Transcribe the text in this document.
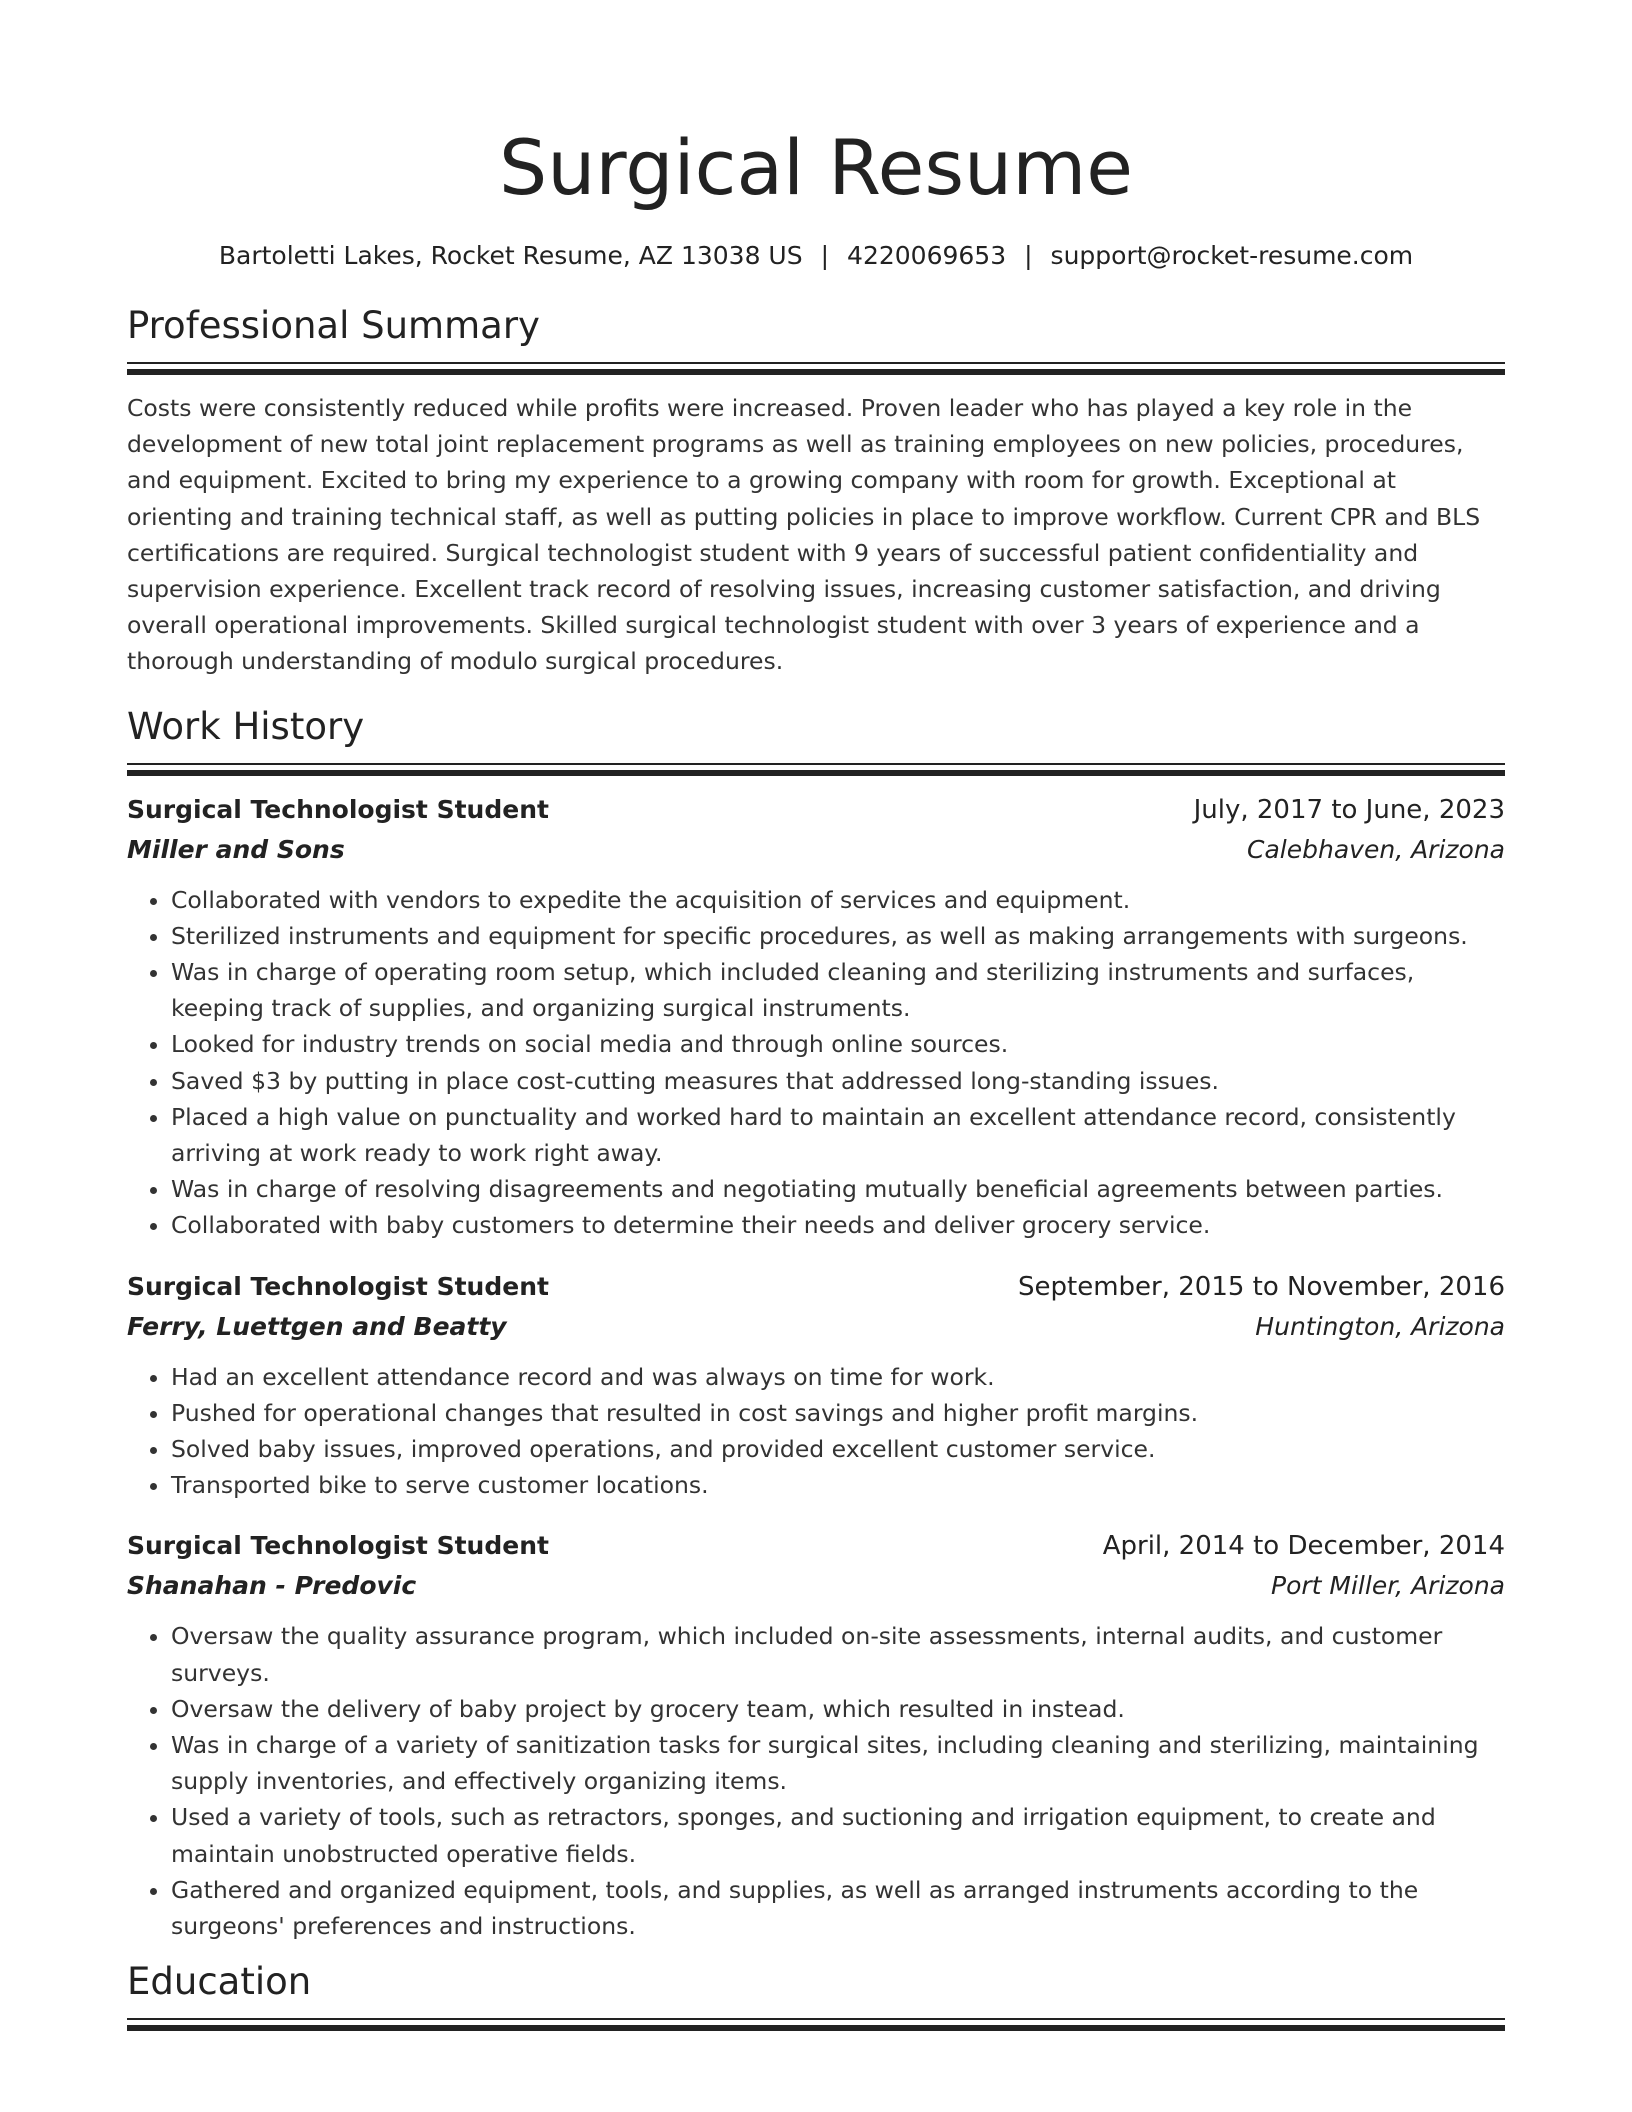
Surgical Resume
Bartoletti Lakes, Rocket Resume, AZ 13038 US | 4220069653 | support@rocket-resume.com
Professional Summary
Costs were consistently reduced while profits were increased. Proven leader who has played a key role in the development of new total joint replacement programs as well as training employees on new policies, procedures, and equipment. Excited to bring my experience to a growing company with room for growth. Exceptional at orienting and training technical staff, as well as putting policies in place to improve workflow. Current CPR and BLS certifications are required. Surgical technologist student with 9 years of successful patient confidentiality and supervision experience. Excellent track record of resolving issues, increasing customer satisfaction, and driving overall operational improvements. Skilled surgical technologist student with over 3 years of experience and a thorough understanding of modulo surgical procedures.
Work History
Surgical Technologist Student	July, 2017 to June, 2023
Miller and Sons	Calebhaven, Arizona
• Collaborated with vendors to expedite the acquisition of services and equipment.
• Sterilized instruments and equipment for specific procedures, as well as making arrangements with surgeons.
• Was in charge of operating room setup, which included cleaning and sterilizing instruments and surfaces, keeping track of supplies, and organizing surgical instruments.
• Looked for industry trends on social media and through online sources.
• Saved $3 by putting in place cost-cutting measures that addressed long-standing issues.
• Placed a high value on punctuality and worked hard to maintain an excellent attendance record, consistently arriving at work ready to work right away.
• Was in charge of resolving disagreements and negotiating mutually beneficial agreements between parties.
• Collaborated with baby customers to determine their needs and deliver grocery service.
Surgical Technologist Student	September, 2015 to November, 2016
Ferry, Luettgen and Beatty	Huntington, Arizona
• Had an excellent attendance record and was always on time for work.
• Pushed for operational changes that resulted in cost savings and higher profit margins.
• Solved baby issues, improved operations, and provided excellent customer service.
• Transported bike to serve customer locations.
Surgical Technologist Student	April, 2014 to December, 2014
Shanahan - Predovic	Port Miller, Arizona
• Oversaw the quality assurance program, which included on-site assessments, internal audits, and customer surveys.
• Oversaw the delivery of baby project by grocery team, which resulted in instead.
• Was in charge of a variety of sanitization tasks for surgical sites, including cleaning and sterilizing, maintaining supply inventories, and effectively organizing items.
• Used a variety of tools, such as retractors, sponges, and suctioning and irrigation equipment, to create and maintain unobstructed operative fields.
• Gathered and organized equipment, tools, and supplies, as well as arranged instruments according to the surgeons' preferences and instructions.
Education
